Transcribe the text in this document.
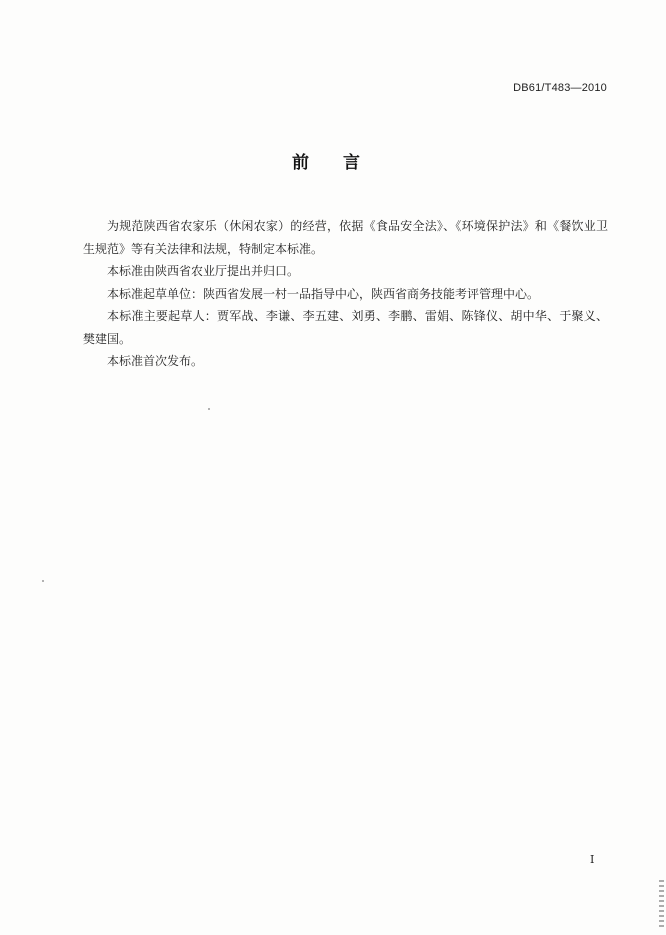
DB61/T483—2010
前 言

为规范陕西省农家乐（休闲农家）的经营，依据《食品安全法》、《环境保护法》和《餐饮业卫生规范》等有关法律和法规，特制定本标准。

本标准由陕西省农业厅提出并归口。

本标准起草单位：陕西省发展一村一品指导中心，陕西省商务技能考评管理中心。

本标准主要起草人：贾军战、李谦、李五建、刘勇、李鹏、雷娟、陈锋仪、胡中华、于聚义、樊建国。

本标准首次发布。

I
